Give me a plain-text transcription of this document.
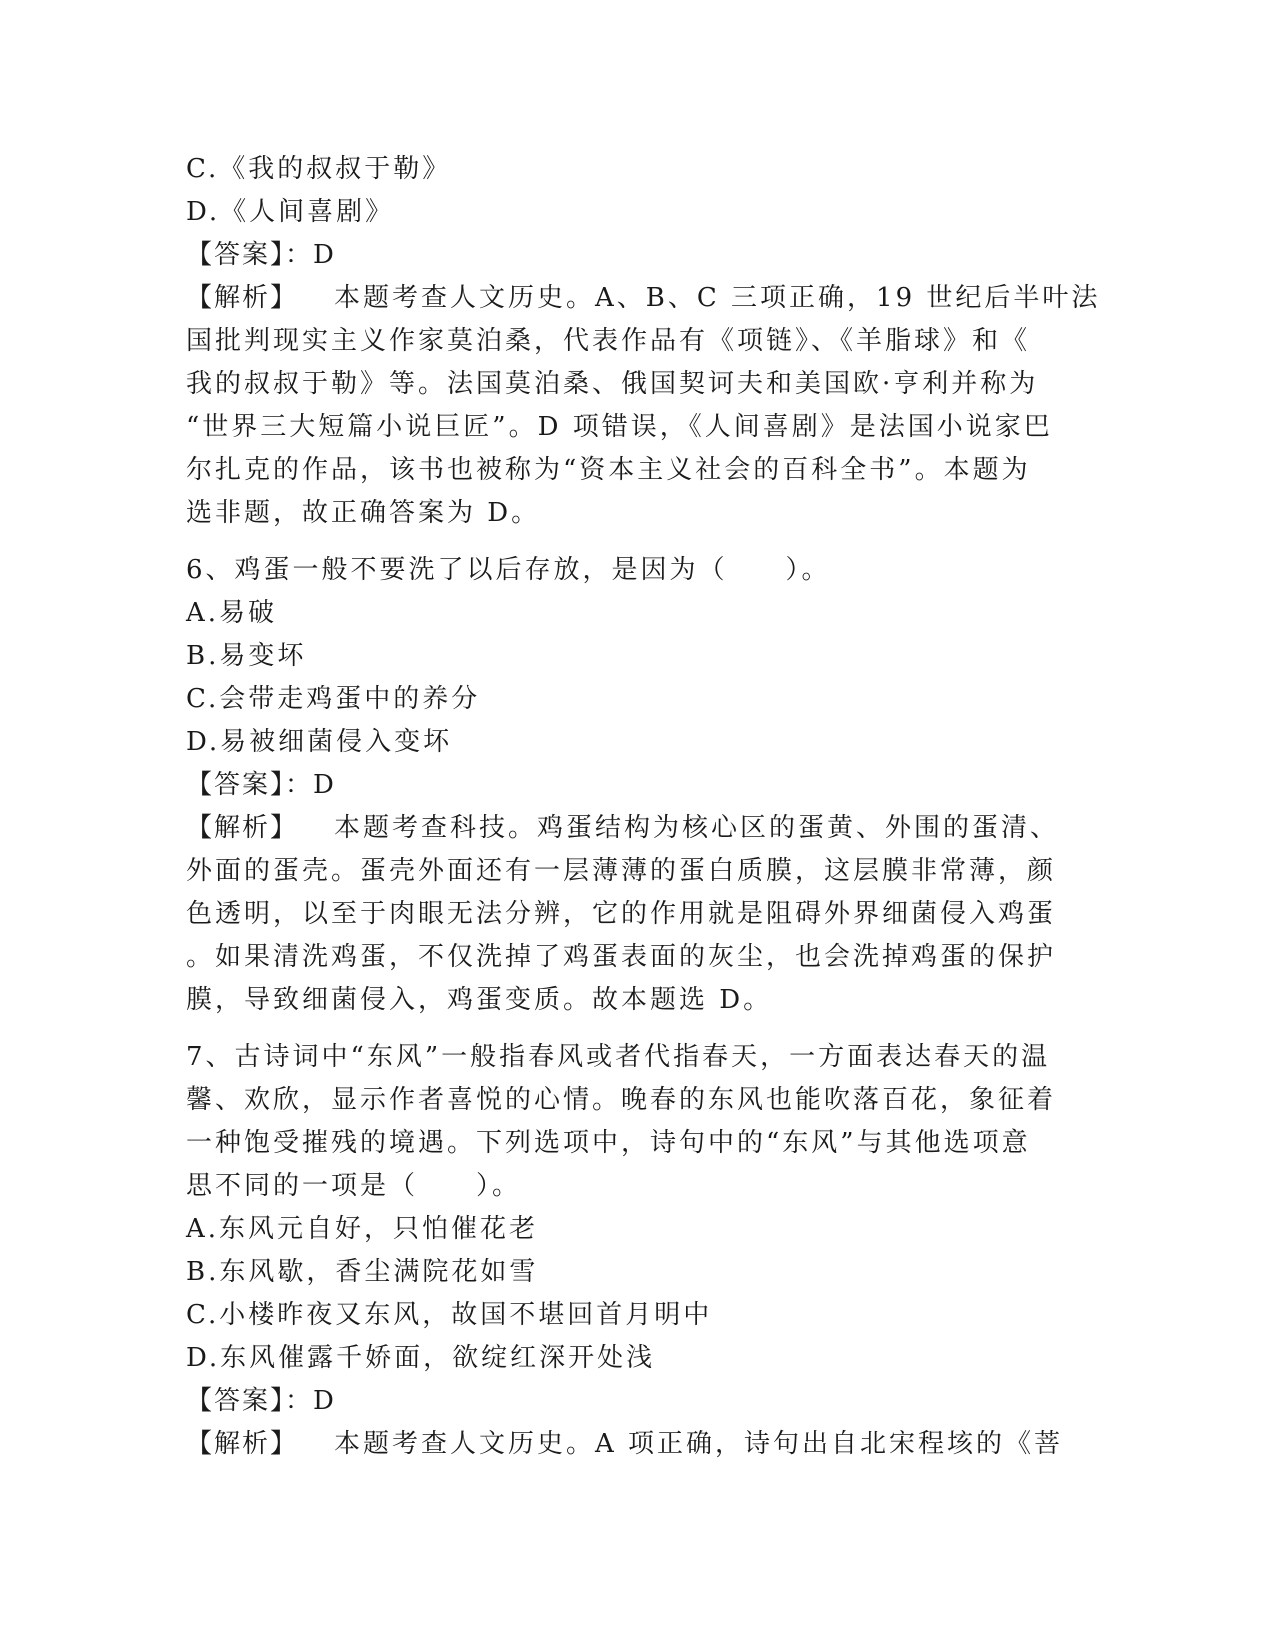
C.《我的叔叔于勒》
D.《人间喜剧》
【答案】：D
【解析】 本题考查人文历史。A、B、C 三项正确，19 世纪后半叶法
国批判现实主义作家莫泊桑，代表作品有《项链》、《羊脂球》和《
我的叔叔于勒》等。法国莫泊桑、俄国契诃夫和美国欧·亨利并称为
“世界三大短篇小说巨匠”。D 项错误，《人间喜剧》是法国小说家巴
尔扎克的作品，该书也被称为“资本主义社会的百科全书”。本题为
选非题，故正确答案为 D。
6、鸡蛋一般不要洗了以后存放，是因为（　　）。
A.易破
B.易变坏
C.会带走鸡蛋中的养分
D.易被细菌侵入变坏
【答案】：D
【解析】 本题考查科技。鸡蛋结构为核心区的蛋黄、外围的蛋清、
外面的蛋壳。蛋壳外面还有一层薄薄的蛋白质膜，这层膜非常薄，颜
色透明，以至于肉眼无法分辨，它的作用就是阻碍外界细菌侵入鸡蛋
。如果清洗鸡蛋，不仅洗掉了鸡蛋表面的灰尘，也会洗掉鸡蛋的保护
膜，导致细菌侵入，鸡蛋变质。故本题选 D。
7、古诗词中“东风”一般指春风或者代指春天，一方面表达春天的温
馨、欢欣，显示作者喜悦的心情。晚春的东风也能吹落百花，象征着
一种饱受摧残的境遇。下列选项中，诗句中的“东风”与其他选项意
思不同的一项是（　　）。
A.东风元自好，只怕催花老
B.东风歇，香尘满院花如雪
C.小楼昨夜又东风，故国不堪回首月明中
D.东风催露千娇面，欲绽红深开处浅
【答案】：D
【解析】 本题考查人文历史。A 项正确，诗句出自北宋程垓的《菩
